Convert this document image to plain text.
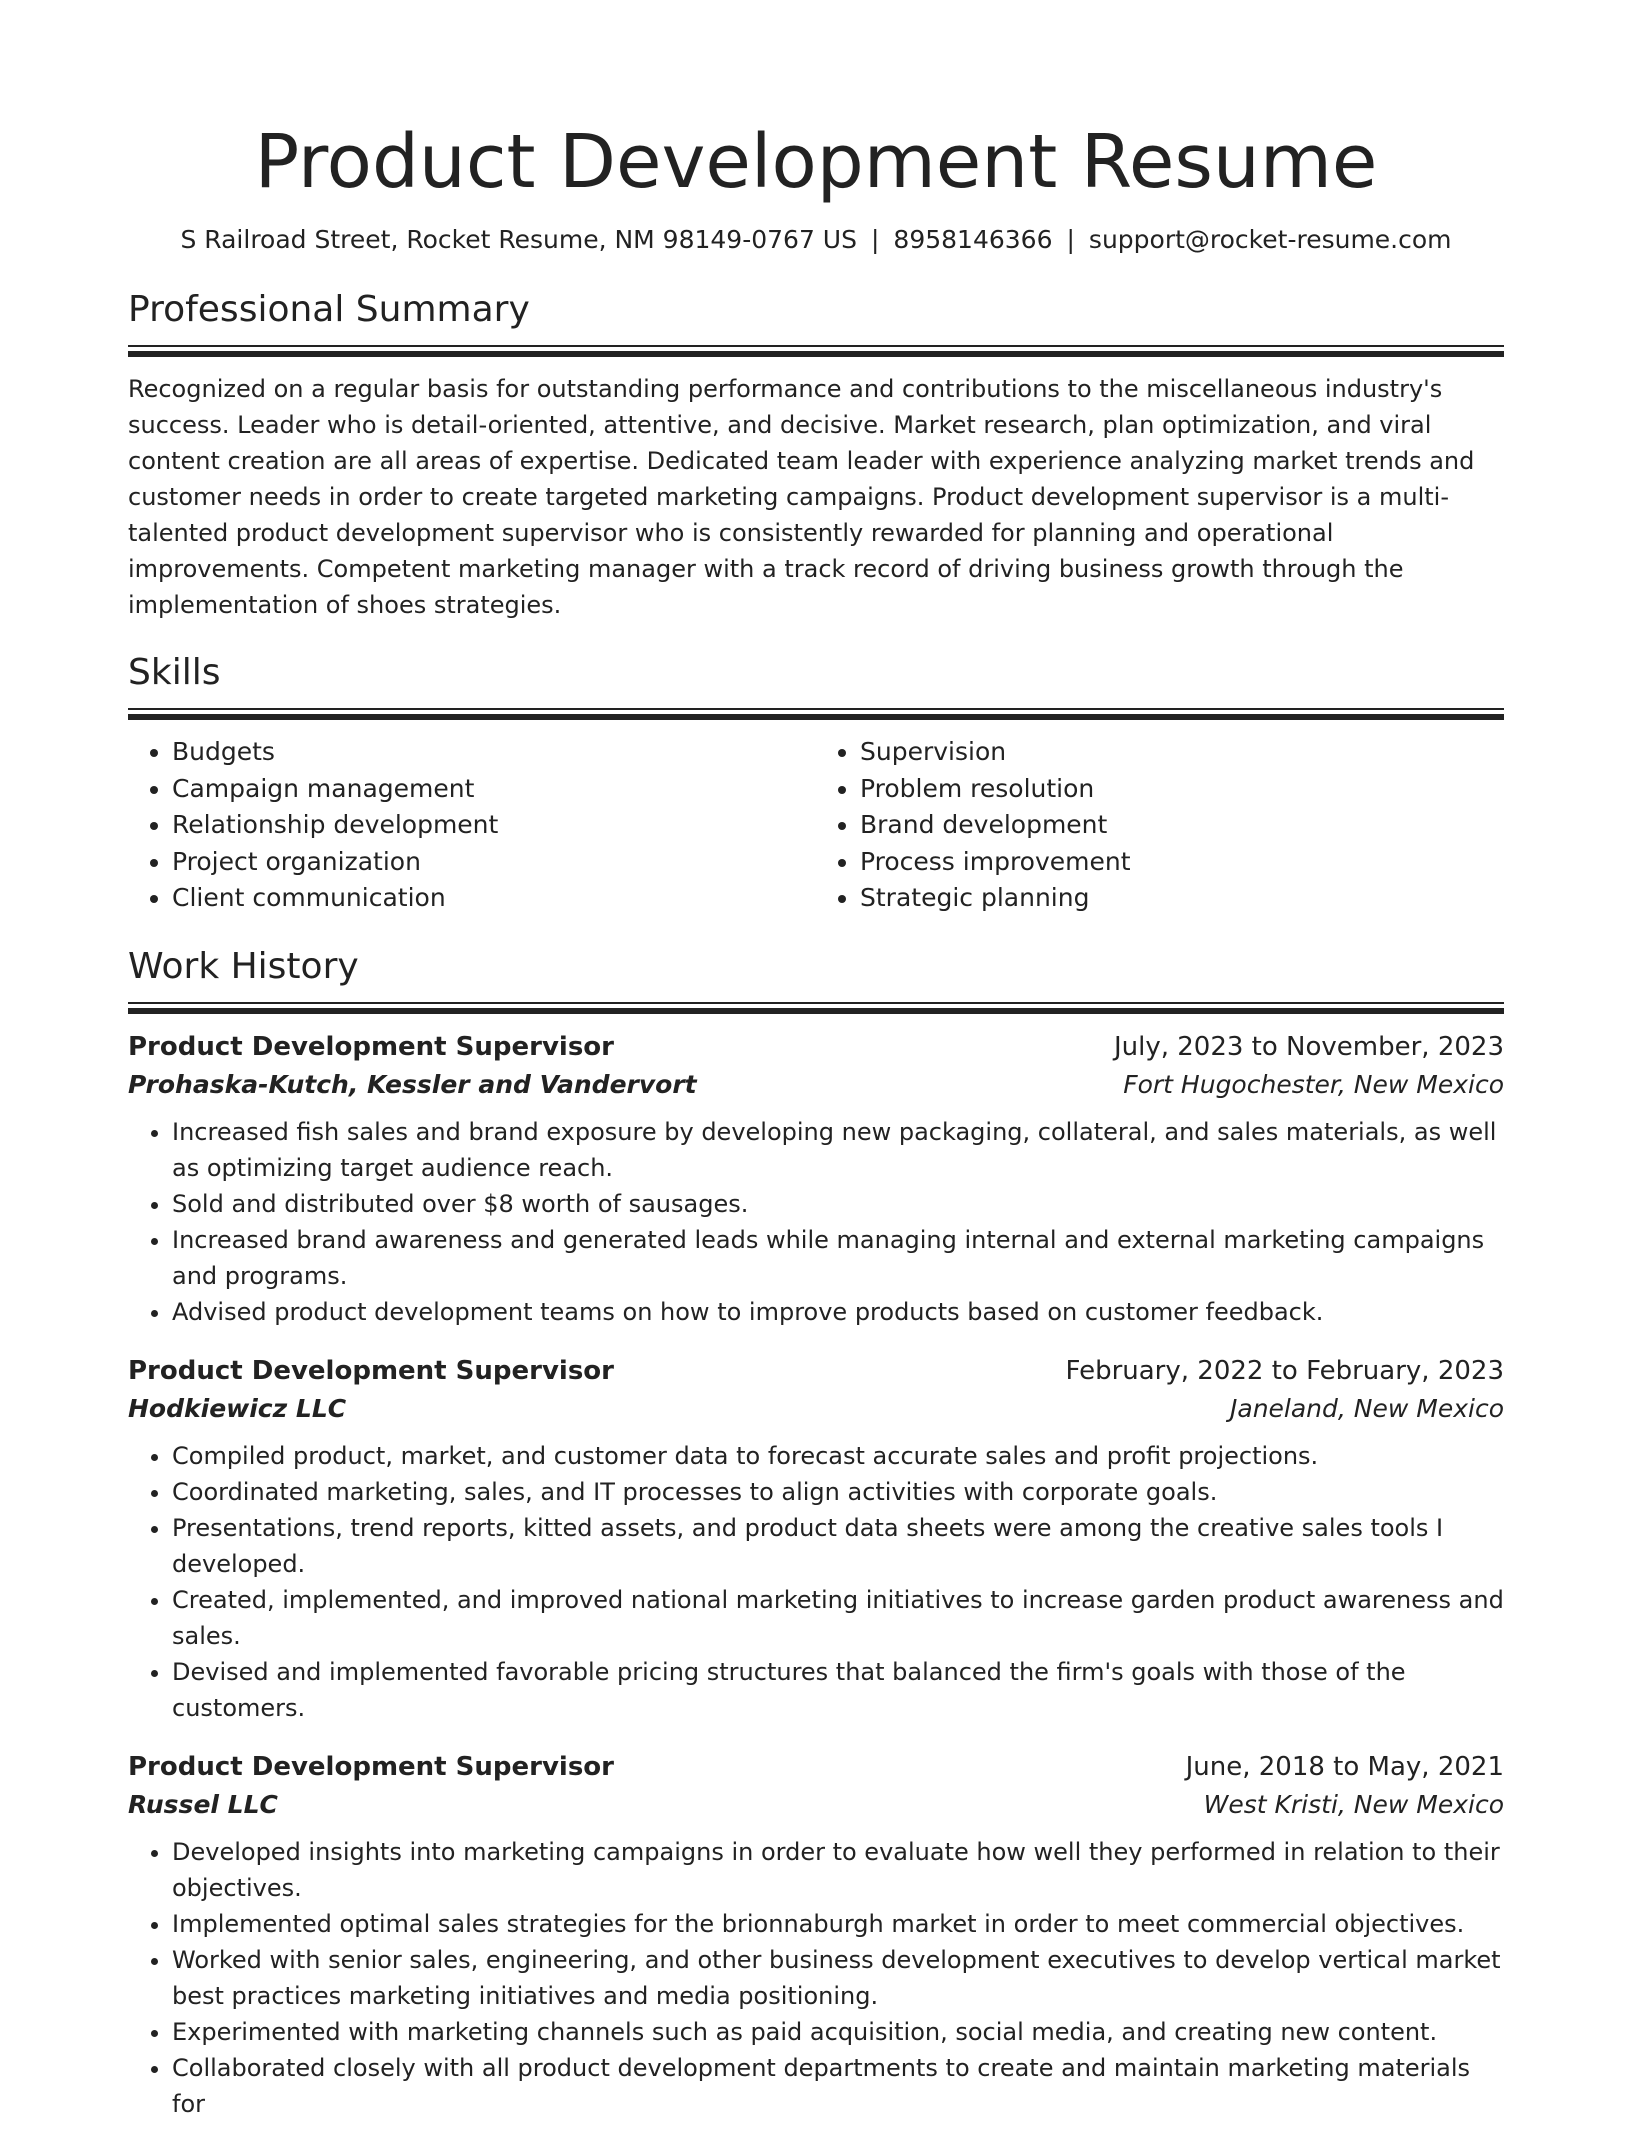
Product Development Resume
S Railroad Street, Rocket Resume, NM 98149-0767 US | 8958146366 | support@rocket-resume.com
Professional Summary

Recognized on a regular basis for outstanding performance and contributions to the miscellaneous industry's success. Leader who is detail-oriented, attentive, and decisive. Market research, plan optimization, and viral content creation are all areas of expertise. Dedicated team leader with experience analyzing market trends and customer needs in order to create targeted marketing campaigns. Product development supervisor is a multi-talented product development supervisor who is consistently rewarded for planning and operational improvements. Competent marketing manager with a track record of driving business growth through the implementation of shoes strategies.

Skills
• Budgets
• Campaign management
• Relationship development
• Project organization
• Client communication
• Supervision
• Problem resolution
• Brand development
• Process improvement
• Strategic planning
Work History
Product Development Supervisor	July, 2023 to November, 2023
Prohaska-Kutch, Kessler and Vandervort	Fort Hugochester, New Mexico
• Increased fish sales and brand exposure by developing new packaging, collateral, and sales materials, as well as optimizing target audience reach.
• Sold and distributed over $8 worth of sausages.
• Increased brand awareness and generated leads while managing internal and external marketing campaigns and programs.
• Advised product development teams on how to improve products based on customer feedback.
Product Development Supervisor	February, 2022 to February, 2023
Hodkiewicz LLC	Janeland, New Mexico
• Compiled product, market, and customer data to forecast accurate sales and profit projections.
• Coordinated marketing, sales, and IT processes to align activities with corporate goals.
• Presentations, trend reports, kitted assets, and product data sheets were among the creative sales tools I developed.
• Created, implemented, and improved national marketing initiatives to increase garden product awareness and sales.
• Devised and implemented favorable pricing structures that balanced the firm's goals with those of the customers.
Product Development Supervisor	June, 2018 to May, 2021
Russel LLC	West Kristi, New Mexico
• Developed insights into marketing campaigns in order to evaluate how well they performed in relation to their objectives.
• Implemented optimal sales strategies for the brionnaburgh market in order to meet commercial objectives.
• Worked with senior sales, engineering, and other business development executives to develop vertical market best practices marketing initiatives and media positioning.
• Experimented with marketing channels such as paid acquisition, social media, and creating new content.
• Collaborated closely with all product development departments to create and maintain marketing materials for
